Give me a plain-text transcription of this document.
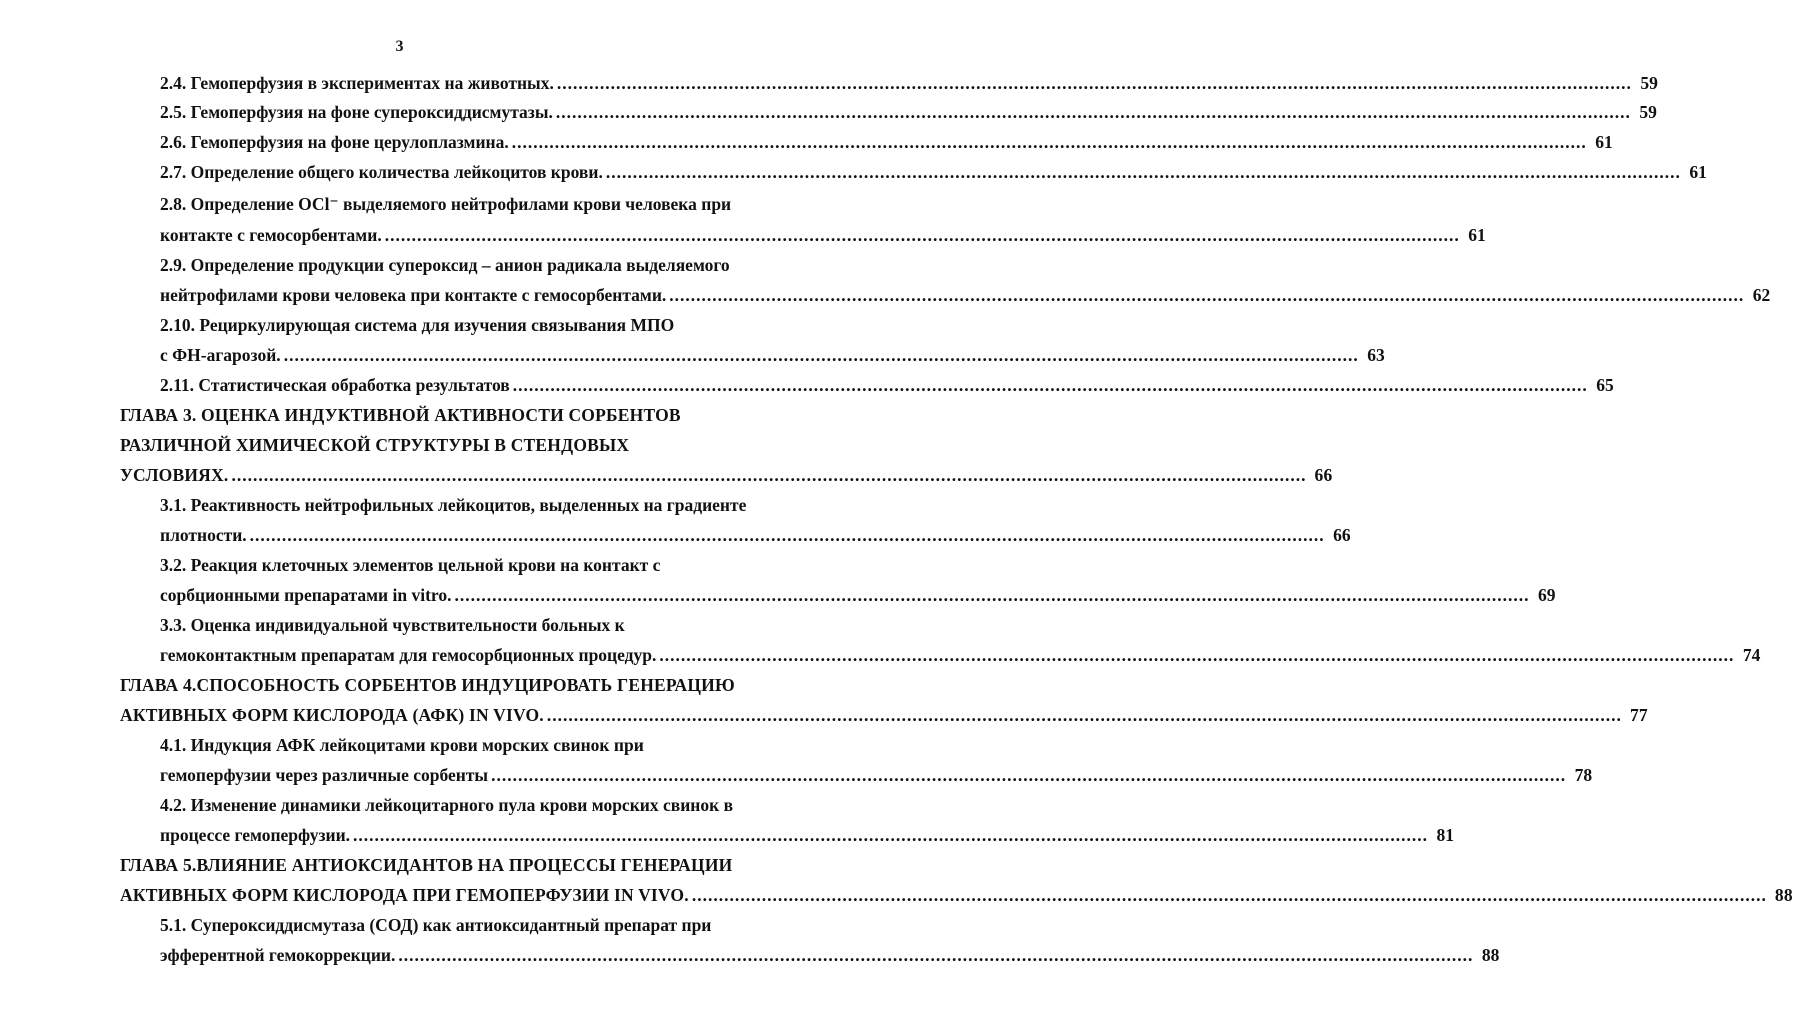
3
2.4. Гемоперфузия в экспериментах на животных. ........................................................................................................................................................................................................ 59
2.5. Гемоперфузия на фоне супероксиддисмутазы. ........................................................................................................................................................................................................ 59
2.6. Гемоперфузия на фоне церулоплазмина. ........................................................................................................................................................................................................ 61
2.7. Определение общего количества лейкоцитов крови. ........................................................................................................................................................................................................ 61
2.8. Определение ОСl⁻ выделяемого нейтрофилами крови человека при
контакте с гемосорбентами. ........................................................................................................................................................................................................ 61
2.9. Определение продукции супероксид – анион радикала выделяемого
нейтрофилами крови человека при контакте с гемосорбентами. ........................................................................................................................................................................................................ 62
2.10. Рециркулирующая система для изучения связывания МПО
с ФН-агарозой. ........................................................................................................................................................................................................ 63
2.11. Статистическая обработка результатов ........................................................................................................................................................................................................ 65
ГЛАВА 3. ОЦЕНКА ИНДУКТИВНОЙ АКТИВНОСТИ СОРБЕНТОВ
РАЗЛИЧНОЙ ХИМИЧЕСКОЙ СТРУКТУРЫ В СТЕНДОВЫХ
УСЛОВИЯХ. ........................................................................................................................................................................................................ 66
3.1. Реактивность нейтрофильных лейкоцитов, выделенных на градиенте
плотности. ........................................................................................................................................................................................................ 66
3.2. Реакция клеточных элементов цельной крови на контакт с
сорбционными препаратами in vitro. ........................................................................................................................................................................................................ 69
3.3. Оценка индивидуальной чувствительности больных к
гемоконтактным препаратам для гемосорбционных процедур. ........................................................................................................................................................................................................ 74
ГЛАВА 4.СПОСОБНОСТЬ СОРБЕНТОВ ИНДУЦИРОВАТЬ ГЕНЕРАЦИЮ
АКТИВНЫХ ФОРМ КИСЛОРОДА (АФК) IN VIVO. ........................................................................................................................................................................................................ 77
4.1. Индукция АФК лейкоцитами крови морских свинок при
гемоперфузии через различные сорбенты ........................................................................................................................................................................................................ 78
4.2. Изменение динамики лейкоцитарного пула крови морских свинок в
процессе гемоперфузии. ........................................................................................................................................................................................................ 81
ГЛАВА 5.ВЛИЯНИЕ АНТИОКСИДАНТОВ НА ПРОЦЕССЫ ГЕНЕРАЦИИ
АКТИВНЫХ ФОРМ КИСЛОРОДА ПРИ ГЕМОПЕРФУЗИИ IN VIVO. ........................................................................................................................................................................................................ 88
5.1. Супероксиддисмутаза (СОД) как антиоксидантный препарат при
эфферентной гемокоррекции. ........................................................................................................................................................................................................ 88
